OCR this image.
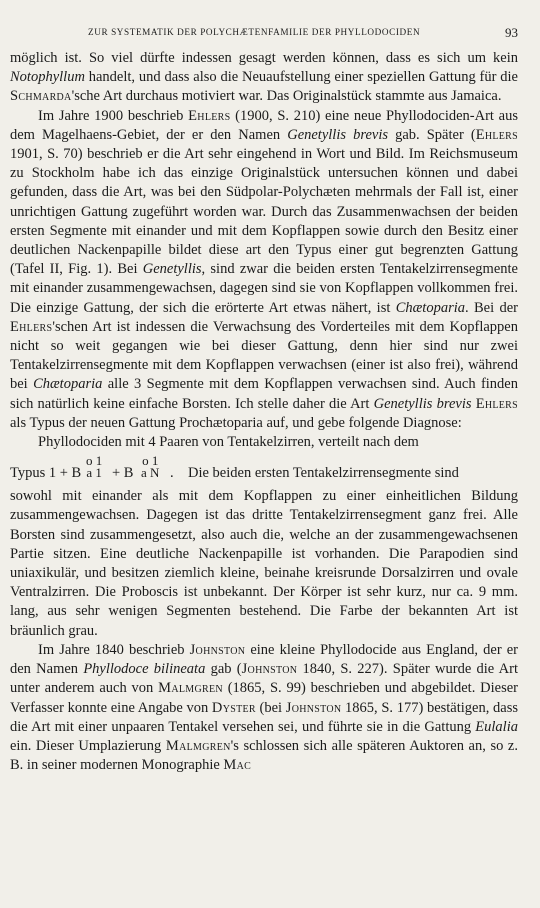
ZUR SYSTEMATIK DER POLYCHÆTENFAMILIE DER PHYLLODOCIDEN	93

möglich ist. So viel dürfte indessen gesagt werden können, dass es sich um kein Notophyllum handelt, und dass also die Neuaufstellung einer speziellen Gattung für die Schmarda'sche Art durchaus motiviert war. Das Originalstück stammte aus Jamaica.

Im Jahre 1900 beschrieb Ehlers (1900, S. 210) eine neue Phyllodociden-Art aus dem Magelhaens-Gebiet, der er den Namen Genetyllis brevis gab. Später (Ehlers 1901, S. 70) beschrieb er die Art sehr eingehend in Wort und Bild. Im Reichsmuseum zu Stockholm habe ich das einzige Originalstück untersuchen können und dabei gefunden, dass die Art, was bei den Südpolar-Polychæten mehrmals der Fall ist, einer unrichtigen Gattung zugeführt worden war. Durch das Zusammenwachsen der beiden ersten Segmente mit einander und mit dem Kopflappen sowie durch den Besitz einer deutlichen Nackenpapille bildet diese art den Typus einer gut begrenzten Gattung (Tafel II, Fig. 1). Bei Genetyllis, sind zwar die beiden ersten Tentakelzirrensegmente mit einander zusammengewachsen, dagegen sind sie von Kopflappen vollkommen frei. Die einzige Gattung, der sich die erörterte Art etwas nähert, ist Chætoparia. Bei der Ehlers'schen Art ist indessen die Verwachsung des Vorderteiles mit dem Kopflappen nicht so weit gegangen wie bei dieser Gattung, denn hier sind nur zwei Tentakelzirrensegmente mit dem Kopflappen verwachsen (einer ist also frei), während bei Chætoparia alle 3 Segmente mit dem Kopflappen verwachsen sind. Auch finden sich natürlich keine einfache Borsten. Ich stelle daher die Art Genetyllis brevis Ehlers als Typus der neuen Gattung Prochætoparia auf, und gebe folgende Diagnose:

Phyllodociden mit 4 Paaren von Tentakelzirren, verteilt nach dem

Typus 1 + B
o 1
a 1 + B
o 1
a N . Die beiden ersten Tentakelzirrensegmente sind

sowohl mit einander als mit dem Kopflappen zu einer einheitlichen Bildung zusammengewachsen. Dagegen ist das dritte Tentakelzirrensegment ganz frei. Alle Borsten sind zusammengesetzt, also auch die, welche an der zusammengewachsenen Partie sitzen. Eine deutliche Nackenpapille ist vorhanden. Die Parapodien sind uniaxikulär, und besitzen ziemlich kleine, beinahe kreisrunde Dorsalzirren und ovale Ventralzirren. Die Proboscis ist unbekannt. Der Körper ist sehr kurz, nur ca. 9 mm. lang, aus sehr wenigen Segmenten bestehend. Die Farbe der bekannten Art ist bräunlich grau.

Im Jahre 1840 beschrieb Johnston eine kleine Phyllodocide aus England, der er den Namen Phyllodoce bilineata gab (Johnston 1840, S. 227). Später wurde die Art unter anderem auch von Malmgren (1865, S. 99) beschrieben und abgebildet. Dieser Verfasser konnte eine Angabe von Dyster (bei Johnston 1865, S. 177) bestätigen, dass die Art mit einer unpaaren Tentakel versehen sei, und führte sie in die Gattung Eulalia ein. Dieser Umplazierung Malmgren's schlossen sich alle späteren Auktoren an, so z. B. in seiner modernen Monographie Mac
